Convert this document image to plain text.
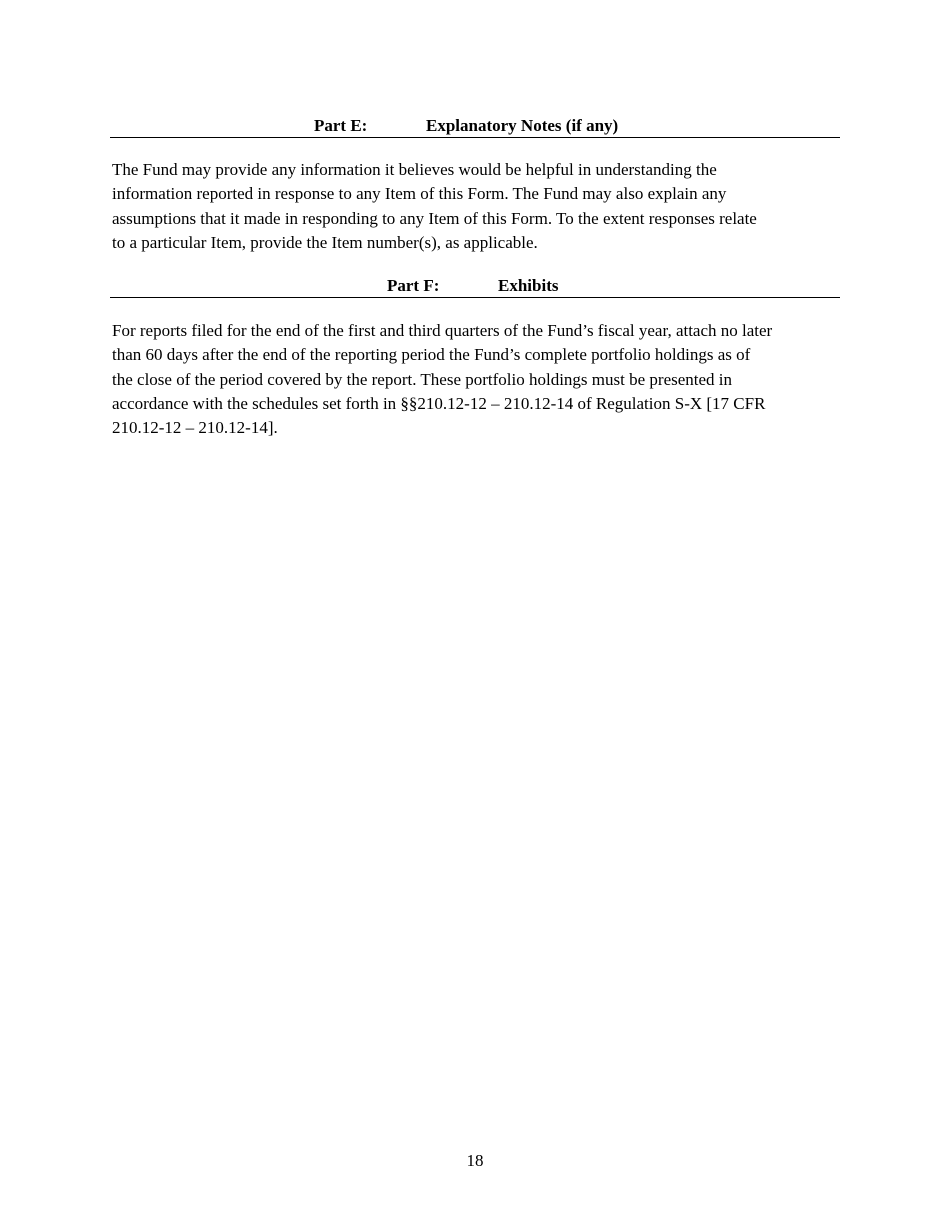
Part E:	Explanatory Notes (if any)

The Fund may provide any information it believes would be helpful in understanding the
information reported in response to any Item of this Form. The Fund may also explain any
assumptions that it made in responding to any Item of this Form. To the extent responses relate
to a particular Item, provide the Item number(s), as applicable.

Part F:	Exhibits

For reports filed for the end of the first and third quarters of the Fund’s fiscal year, attach no later
than 60 days after the end of the reporting period the Fund’s complete portfolio holdings as of
the close of the period covered by the report. These portfolio holdings must be presented in
accordance with the schedules set forth in §§210.12-12 – 210.12-14 of Regulation S-X [17 CFR
210.12-12 – 210.12-14].

18
